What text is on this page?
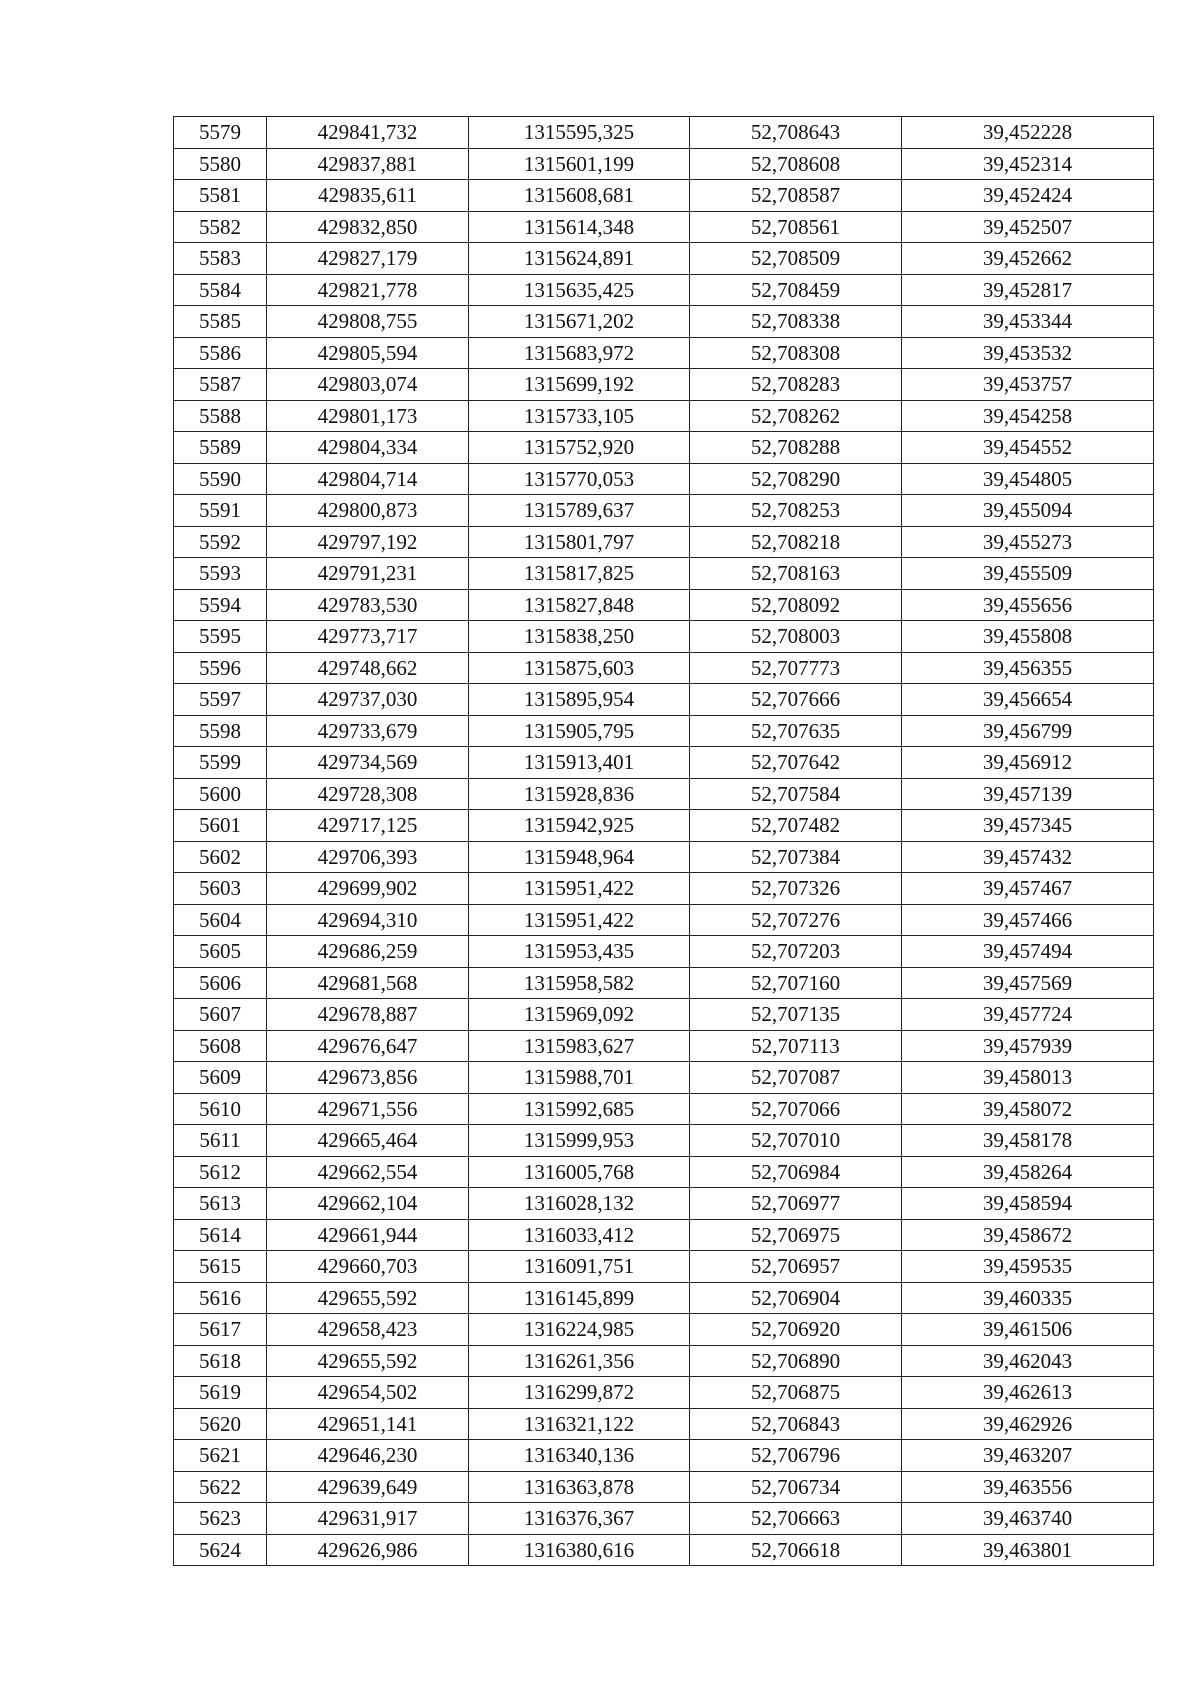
5579	429841,732	1315595,325	52,708643	39,452228
5580	429837,881	1315601,199	52,708608	39,452314
5581	429835,611	1315608,681	52,708587	39,452424
5582	429832,850	1315614,348	52,708561	39,452507
5583	429827,179	1315624,891	52,708509	39,452662
5584	429821,778	1315635,425	52,708459	39,452817
5585	429808,755	1315671,202	52,708338	39,453344
5586	429805,594	1315683,972	52,708308	39,453532
5587	429803,074	1315699,192	52,708283	39,453757
5588	429801,173	1315733,105	52,708262	39,454258
5589	429804,334	1315752,920	52,708288	39,454552
5590	429804,714	1315770,053	52,708290	39,454805
5591	429800,873	1315789,637	52,708253	39,455094
5592	429797,192	1315801,797	52,708218	39,455273
5593	429791,231	1315817,825	52,708163	39,455509
5594	429783,530	1315827,848	52,708092	39,455656
5595	429773,717	1315838,250	52,708003	39,455808
5596	429748,662	1315875,603	52,707773	39,456355
5597	429737,030	1315895,954	52,707666	39,456654
5598	429733,679	1315905,795	52,707635	39,456799
5599	429734,569	1315913,401	52,707642	39,456912
5600	429728,308	1315928,836	52,707584	39,457139
5601	429717,125	1315942,925	52,707482	39,457345
5602	429706,393	1315948,964	52,707384	39,457432
5603	429699,902	1315951,422	52,707326	39,457467
5604	429694,310	1315951,422	52,707276	39,457466
5605	429686,259	1315953,435	52,707203	39,457494
5606	429681,568	1315958,582	52,707160	39,457569
5607	429678,887	1315969,092	52,707135	39,457724
5608	429676,647	1315983,627	52,707113	39,457939
5609	429673,856	1315988,701	52,707087	39,458013
5610	429671,556	1315992,685	52,707066	39,458072
5611	429665,464	1315999,953	52,707010	39,458178
5612	429662,554	1316005,768	52,706984	39,458264
5613	429662,104	1316028,132	52,706977	39,458594
5614	429661,944	1316033,412	52,706975	39,458672
5615	429660,703	1316091,751	52,706957	39,459535
5616	429655,592	1316145,899	52,706904	39,460335
5617	429658,423	1316224,985	52,706920	39,461506
5618	429655,592	1316261,356	52,706890	39,462043
5619	429654,502	1316299,872	52,706875	39,462613
5620	429651,141	1316321,122	52,706843	39,462926
5621	429646,230	1316340,136	52,706796	39,463207
5622	429639,649	1316363,878	52,706734	39,463556
5623	429631,917	1316376,367	52,706663	39,463740
5624	429626,986	1316380,616	52,706618	39,463801
